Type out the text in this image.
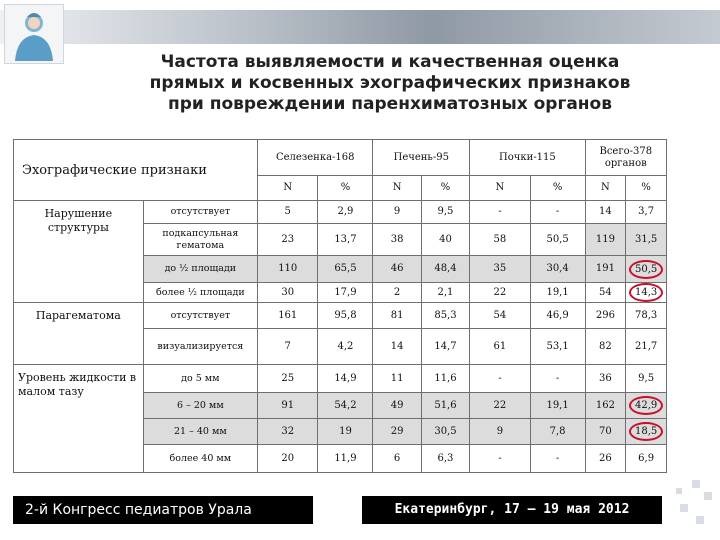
Частота выявляемости и качественная оценка
прямых и косвенных эхографических признаков
при повреждении паренхиматозных органов
Эхографические признаки		Селезенка-168		Печень-95		Почки-115		Всего-378 органов	
		N	%	N	%	N	%	N	%
Нарушение структуры	отсутствует	5	2,9	9	9,5	-	-	14	3,7
	подкапсульная гематома	23	13,7	38	40	58	50,5	119	31,5
	до ½ площади	110	65,5	46	48,4	35	30,4	191	50,5
	более ½ площади	30	17,9	2	2,1	22	19,1	54	14,3
Парагематома	отсутствует	161	95,8	81	85,3	54	46,9	296	78,3
	визуализируется	7	4,2	14	14,7	61	53,1	82	21,7
Уровень жидкости в малом тазу	до 5 мм	25	14,9	11	11,6	-	-	36	9,5
	6 – 20 мм	91	54,2	49	51,6	22	19,1	162	42,9
	21 – 40 мм	32	19	29	30,5	9	7,8	70	18,5
	более 40 мм	20	11,9	6	6,3	-	-	26	6,9
2-й Конгресс педиатров Урала	Екатеринбург, 17 – 19 мая 2012
